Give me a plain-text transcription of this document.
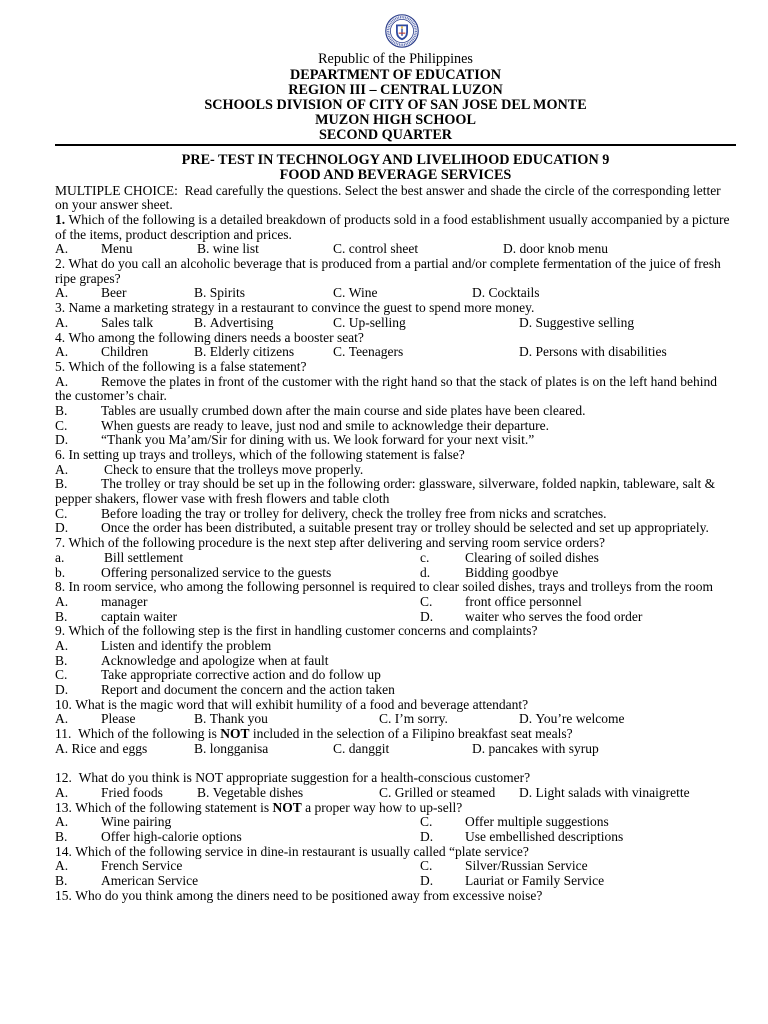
Republic of the Philippines
DEPARTMENT OF EDUCATION
REGION III – CENTRAL LUZON
SCHOOLS DIVISION OF CITY OF SAN JOSE DEL MONTE
MUZON HIGH SCHOOL
SECOND QUARTER
PRE- TEST IN TECHNOLOGY AND LIVELIHOOD EDUCATION 9
FOOD AND BEVERAGE SERVICES
MULTIPLE CHOICE:  Read carefully the questions. Select the best answer and shade the circle of the corresponding letter
on your answer sheet.
1. Which of the following is a detailed breakdown of products sold in a food establishment usually accompanied by a picture
of the items, product description and prices.
A. Menu	B. wine list	C. control sheet	D. door knob menu
2. What do you call an alcoholic beverage that is produced from a partial and/or complete fermentation of the juice of fresh
ripe grapes?
A. Beer	B. Spirits	C. Wine	D. Cocktails
3. Name a marketing strategy in a restaurant to convince the guest to spend more money.
A. Sales talk	B. Advertising	C. Up-selling	D. Suggestive selling
4. Who among the following diners needs a booster seat?
A. Children	B. Elderly citizens	C. Teenagers	D. Persons with disabilities
5. Which of the following is a false statement?
A. Remove the plates in front of the customer with the right hand so that the stack of plates is on the left hand behind
the customer’s chair.
B. Tables are usually crumbed down after the main course and side plates have been cleared.
C. When guests are ready to leave, just nod and smile to acknowledge their departure.
D. “Thank you Ma’am/Sir for dining with us. We look forward for your next visit.”
6. In setting up trays and trolleys, which of the following statement is false?
A.	Check to ensure that the trolleys move properly.
B. The trolley or tray should be set up in the following order: glassware, silverware, folded napkin, tableware, salt &
pepper shakers, flower vase with fresh flowers and table cloth
C. Before loading the tray or trolley for delivery, check the trolley free from nicks and scratches.
D. Once the order has been distributed, a suitable present tray or trolley should be selected and set up appropriately.
7. Which of the following procedure is the next step after delivering and serving room service orders?
a.	Bill settlement	c.	Clearing of soiled dishes
b.	Offering personalized service to the guests	d.	Bidding goodbye
8. In room service, who among the following personnel is required to clear soiled dishes, trays and trolleys from the room
A. manager	C. front office personnel
B. captain waiter	D. waiter who serves the food order
9. Which of the following step is the first in handling customer concerns and complaints?
A. Listen and identify the problem
B. Acknowledge and apologize when at fault
C. Take appropriate corrective action and do follow up
D. Report and document the concern and the action taken
10. What is the magic word that will exhibit humility of a food and beverage attendant?
A. Please	B. Thank you	C. I’m sorry.	D. You’re welcome
11. Which of the following is NOT included in the selection of a Filipino breakfast seat meals?
A. Rice and eggs	B. longganisa	C. danggit	D. pancakes with syrup
12. What do you think is NOT appropriate suggestion for a health-conscious customer?
A. Fried foods	B. Vegetable dishes	C. Grilled or steamed D. Light salads with vinaigrette
13. Which of the following statement is NOT a proper way how to up-sell?
A. Wine pairing	C. Offer multiple suggestions
B. Offer high-calorie options	D. Use embellished descriptions
14. Which of the following service in dine-in restaurant is usually called “plate service?
A. French Service	C. Silver/Russian Service
B. American Service	D. Lauriat or Family Service
15. Who do you think among the diners need to be positioned away from excessive noise?
